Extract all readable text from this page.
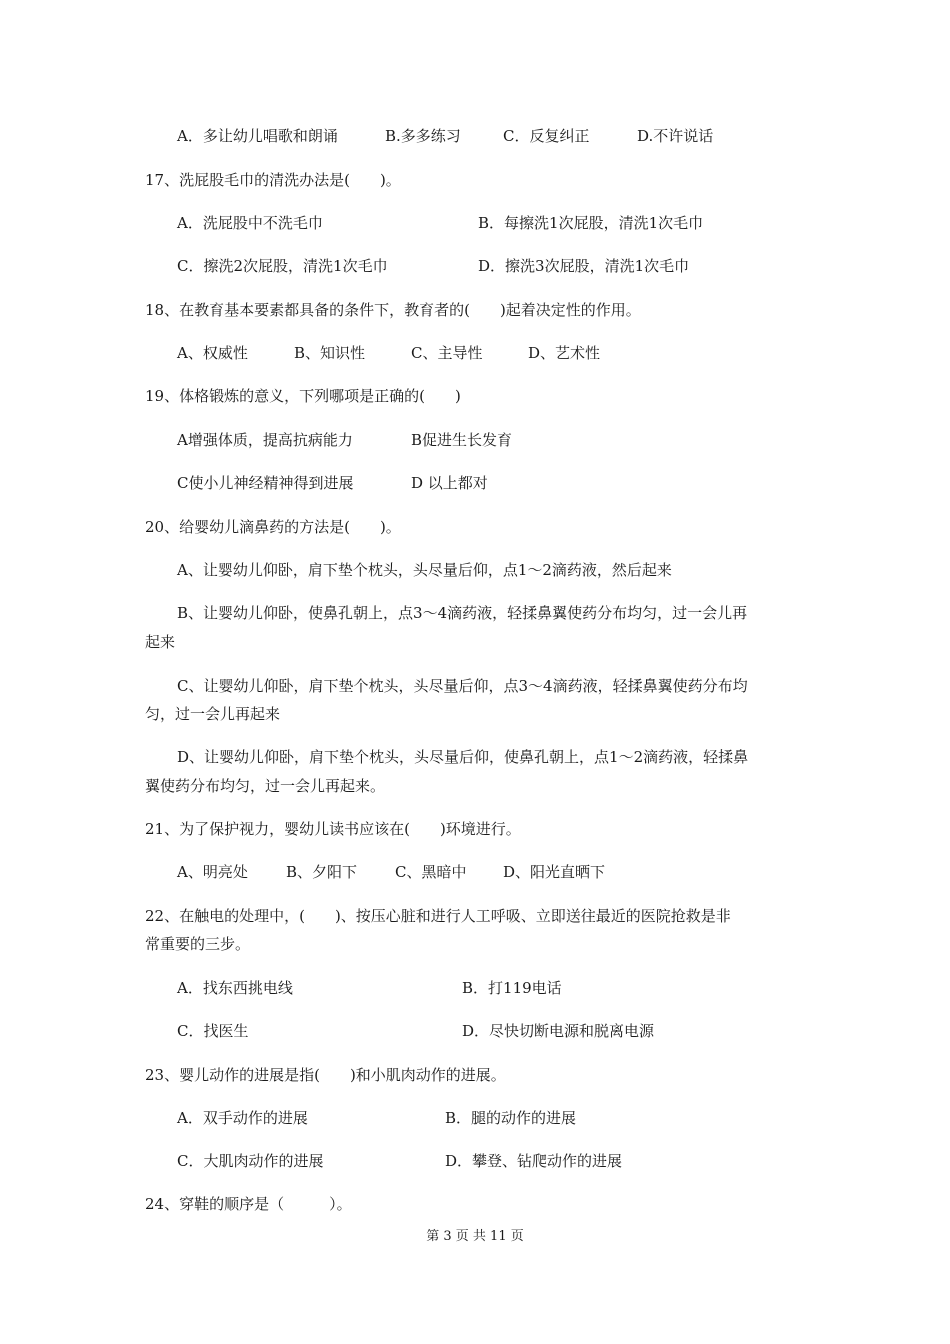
A．多让幼儿唱歌和朗诵	B.多多练习	C．反复纠正	D.不许说话
17、洗屁股毛巾的清洗办法是(　　)。
A．洗屁股中不洗毛巾	B．每擦洗1次屁股，清洗1次毛巾
C．擦洗2次屁股，清洗1次毛巾	D．擦洗3次屁股，清洗1次毛巾
18、在教育基本要素都具备的条件下，教育者的(　　)起着决定性的作用。
A、权威性	B、知识性	C、主导性	D、艺术性
19、体格锻炼的意义，下列哪项是正确的(　　)
A增强体质，提高抗病能力	B促进生长发育
C使小儿神经精神得到进展	D 以上都对
20、给婴幼儿滴鼻药的方法是(　　)。
A、让婴幼儿仰卧，肩下垫个枕头，头尽量后仰，点1～2滴药液，然后起来
B、让婴幼儿仰卧，使鼻孔朝上，点3～4滴药液，轻揉鼻翼使药分布均匀，过一会儿再
起来
C、让婴幼儿仰卧，肩下垫个枕头，头尽量后仰，点3～4滴药液，轻揉鼻翼使药分布均
匀，过一会儿再起来
D、让婴幼儿仰卧，肩下垫个枕头，头尽量后仰，使鼻孔朝上，点1～2滴药液，轻揉鼻
翼使药分布均匀，过一会儿再起来。
21、为了保护视力，婴幼儿读书应该在(　　)环境进行。
A、明亮处	B、夕阳下	C、黑暗中 D、阳光直晒下
22、在触电的处理中，(　　)、按压心脏和进行人工呼吸、立即送往最近的医院抢救是非
常重要的三步。
A．找东西挑电线	B．打119电话
C．找医生	D．尽快切断电源和脱离电源
23、婴儿动作的进展是指(　　)和小肌肉动作的进展。
A．双手动作的进展	B．腿的动作的进展
C．大肌肉动作的进展	D．攀登、钻爬动作的进展
24、穿鞋的顺序是（　　　）。
第 3 页 共 11 页
